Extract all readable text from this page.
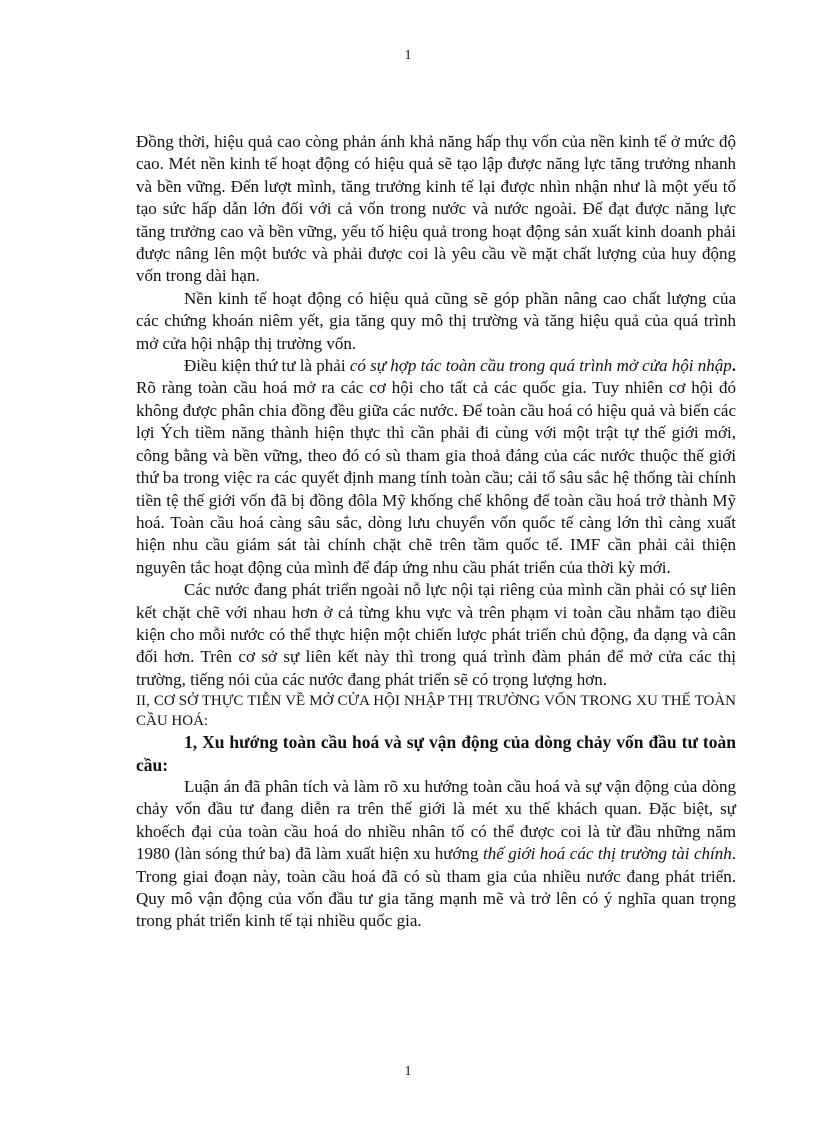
1

Đồng thời, hiệu quả cao còng phản ánh khả năng hấp thụ vốn của nền kinh tế ở mức độ cao. Mét nền kinh tế hoạt động có hiệu quả sẽ tạo lập được năng lực tăng trưởng nhanh và bền vững. Đến lượt mình, tăng trưởng kinh tế lại được nhìn nhận như là một yếu tố tạo sức hấp dẫn lớn đối với cả vốn trong nước và nước ngoài. Để đạt được năng lực tăng trưởng cao và bền vững, yếu tố hiệu quả trong hoạt động sản xuất kinh doanh phải được nâng lên một bước và phải được coi là yêu cầu về mặt chất lượng của huy động vốn trong dài hạn.

Nền kinh tế hoạt động có hiệu quả cũng sẽ góp phần nâng cao chất lượng của các chứng khoán niêm yết, gia tăng quy mô thị trường và tăng hiệu quả của quá trình mở cửa hội nhập thị trường vốn.

Điều kiện thứ tư là phải có sự hợp tác toàn cầu trong quá trình mở cửa hội nhập. Rõ ràng toàn cầu hoá mở ra các cơ hội cho tất cả các quốc gia. Tuy nhiên cơ hội đó không được phân chia đồng đều giữa các nước. Để toàn cầu hoá có hiệu quả và biến các lợi Ých tiềm năng thành hiện thực thì cần phải đi cùng với một trật tự thế giới mới, công bằng và bền vững, theo đó có sù tham gia thoả đáng của các nước thuộc thế giới thứ ba trong việc ra các quyết định mang tính toàn cầu; cải tổ sâu sắc hệ thống tài chính tiền tệ thế giới vốn đã bị đồng đôla Mỹ khống chế không để toàn cầu hoá trở thành Mỹ hoá. Toàn cầu hoá càng sâu sắc, dòng lưu chuyển vốn quốc tế càng lớn thì càng xuất hiện nhu cầu giám sát tài chính chặt chẽ trên tầm quốc tế. IMF cần phải cải thiện nguyên tắc hoạt động của mình để đáp ứng nhu cầu phát triển của thời kỳ mới.

Các nước đang phát triển ngoài nỗ lực nội tại riêng của mình cần phải có sự liên kết chặt chẽ với nhau hơn ở cả từng khu vực và trên phạm vi toàn cầu nhằm tạo điều kiện cho mỗi nước có thể thực hiện một chiến lược phát triển chủ động, đa dạng và cân đối hơn. Trên cơ sở sự liên kết này thì trong quá trình đàm phán để mở cửa các thị trường, tiếng nói của các nước đang phát triển sẽ có trọng lượng hơn.

II, CƠ SỞ THỰC TIỄN VỀ MỞ CỬA HỘI NHẬP THỊ TRƯỜNG VỐN TRONG XU THẾ TOÀN CẦU HOÁ:

1, Xu hướng toàn cầu hoá và sự vận động của dòng chảy vốn đầu tư toàn cầu:

Luận án đã phân tích và làm rõ xu hướng toàn cầu hoá và sự vận động của dòng chảy vốn đầu tư đang diễn ra trên thế giới là mét xu thế khách quan. Đặc biệt, sự khoếch đại của toàn cầu hoá do nhiều nhân tố có thể được coi là từ đầu những năm 1980 (làn sóng thứ ba) đã làm xuất hiện xu hướng thế giới hoá các thị trường tài chính. Trong giai đoạn này, toàn cầu hoá đã có sù tham gia của nhiều nước đang phát triển. Quy mô vận động của vốn đầu tư gia tăng mạnh mẽ và trở lên có ý nghĩa quan trọng trong phát triển kinh tế tại nhiều quốc gia.

1
